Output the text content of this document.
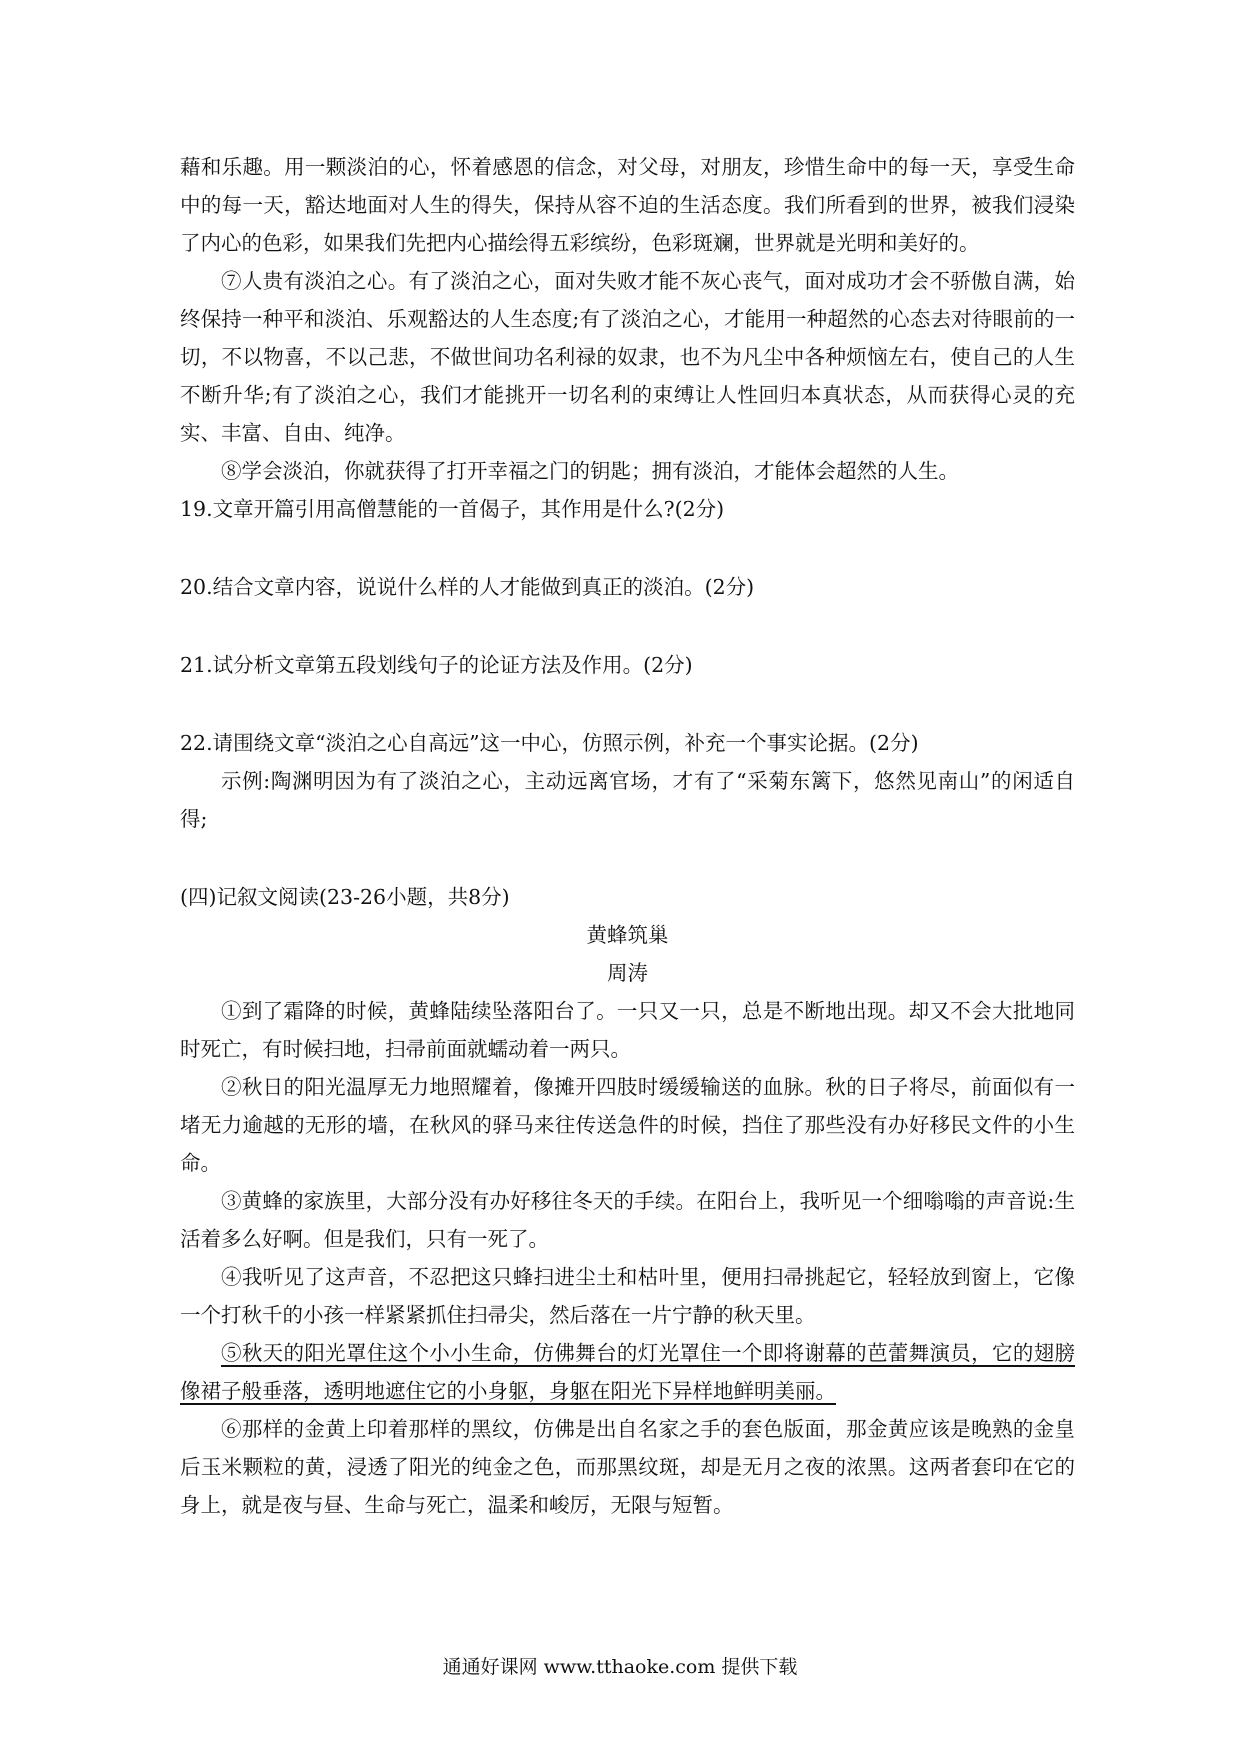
藉和乐趣。用一颗淡泊的心，怀着感恩的信念，对父母，对朋友，珍惜生命中的每一天，享受生命中的每一天，豁达地面对人生的得失，保持从容不迫的生活态度。我们所看到的世界，被我们浸染了内心的色彩，如果我们先把内心描绘得五彩缤纷，色彩斑斓，世界就是光明和美好的。

⑦人贵有淡泊之心。有了淡泊之心，面对失败才能不灰心丧气，面对成功才会不骄傲自满，始终保持一种平和淡泊、乐观豁达的人生态度;有了淡泊之心，才能用一种超然的心态去对待眼前的一切，不以物喜，不以己悲，不做世间功名利禄的奴隶，也不为凡尘中各种烦恼左右，使自己的人生不断升华;有了淡泊之心，我们才能挑开一切名利的束缚让人性回归本真状态，从而获得心灵的充实、丰富、自由、纯净。

⑧学会淡泊，你就获得了打开幸福之门的钥匙；拥有淡泊，才能体会超然的人生。

19.文章开篇引用高僧慧能的一首偈子，其作用是什么?(2分)

20.结合文章内容，说说什么样的人才能做到真正的淡泊。(2分)

21.试分析文章第五段划线句子的论证方法及作用。(2分)

22.请围绕文章“淡泊之心自高远”这一中心，仿照示例，补充一个事实论据。(2分)

示例:陶渊明因为有了淡泊之心，主动远离官场，才有了“采菊东篱下，悠然见南山”的闲适自得;

(四)记叙文阅读(23-26小题，共8分)

黄蜂筑巢

周涛

①到了霜降的时候，黄蜂陆续坠落阳台了。一只又一只，总是不断地出现。却又不会大批地同时死亡，有时候扫地，扫帚前面就蠕动着一两只。

②秋日的阳光温厚无力地照耀着，像摊开四肢时缓缓输送的血脉。秋的日子将尽，前面似有一堵无力逾越的无形的墙，在秋风的驿马来往传送急件的时候，挡住了那些没有办好移民文件的小生命。

③黄蜂的家族里，大部分没有办好移往冬天的手续。在阳台上，我听见一个细嗡嗡的声音说:生活着多么好啊。但是我们，只有一死了。

④我听见了这声音，不忍把这只蜂扫进尘土和枯叶里，便用扫帚挑起它，轻轻放到窗上，它像一个打秋千的小孩一样紧紧抓住扫帚尖，然后落在一片宁静的秋天里。

⑤秋天的阳光罩住这个小小生命，仿佛舞台的灯光罩住一个即将谢幕的芭蕾舞演员，它的翅膀像裙子般垂落，透明地遮住它的小身躯，身躯在阳光下异样地鲜明美丽。

⑥那样的金黄上印着那样的黑纹，仿佛是出自名家之手的套色版面，那金黄应该是晚熟的金皇后玉米颗粒的黄，浸透了阳光的纯金之色，而那黑纹斑，却是无月之夜的浓黑。这两者套印在它的身上，就是夜与昼、生命与死亡，温柔和峻厉，无限与短暂。

通通好课网 www.tthaoke.com 提供下载
